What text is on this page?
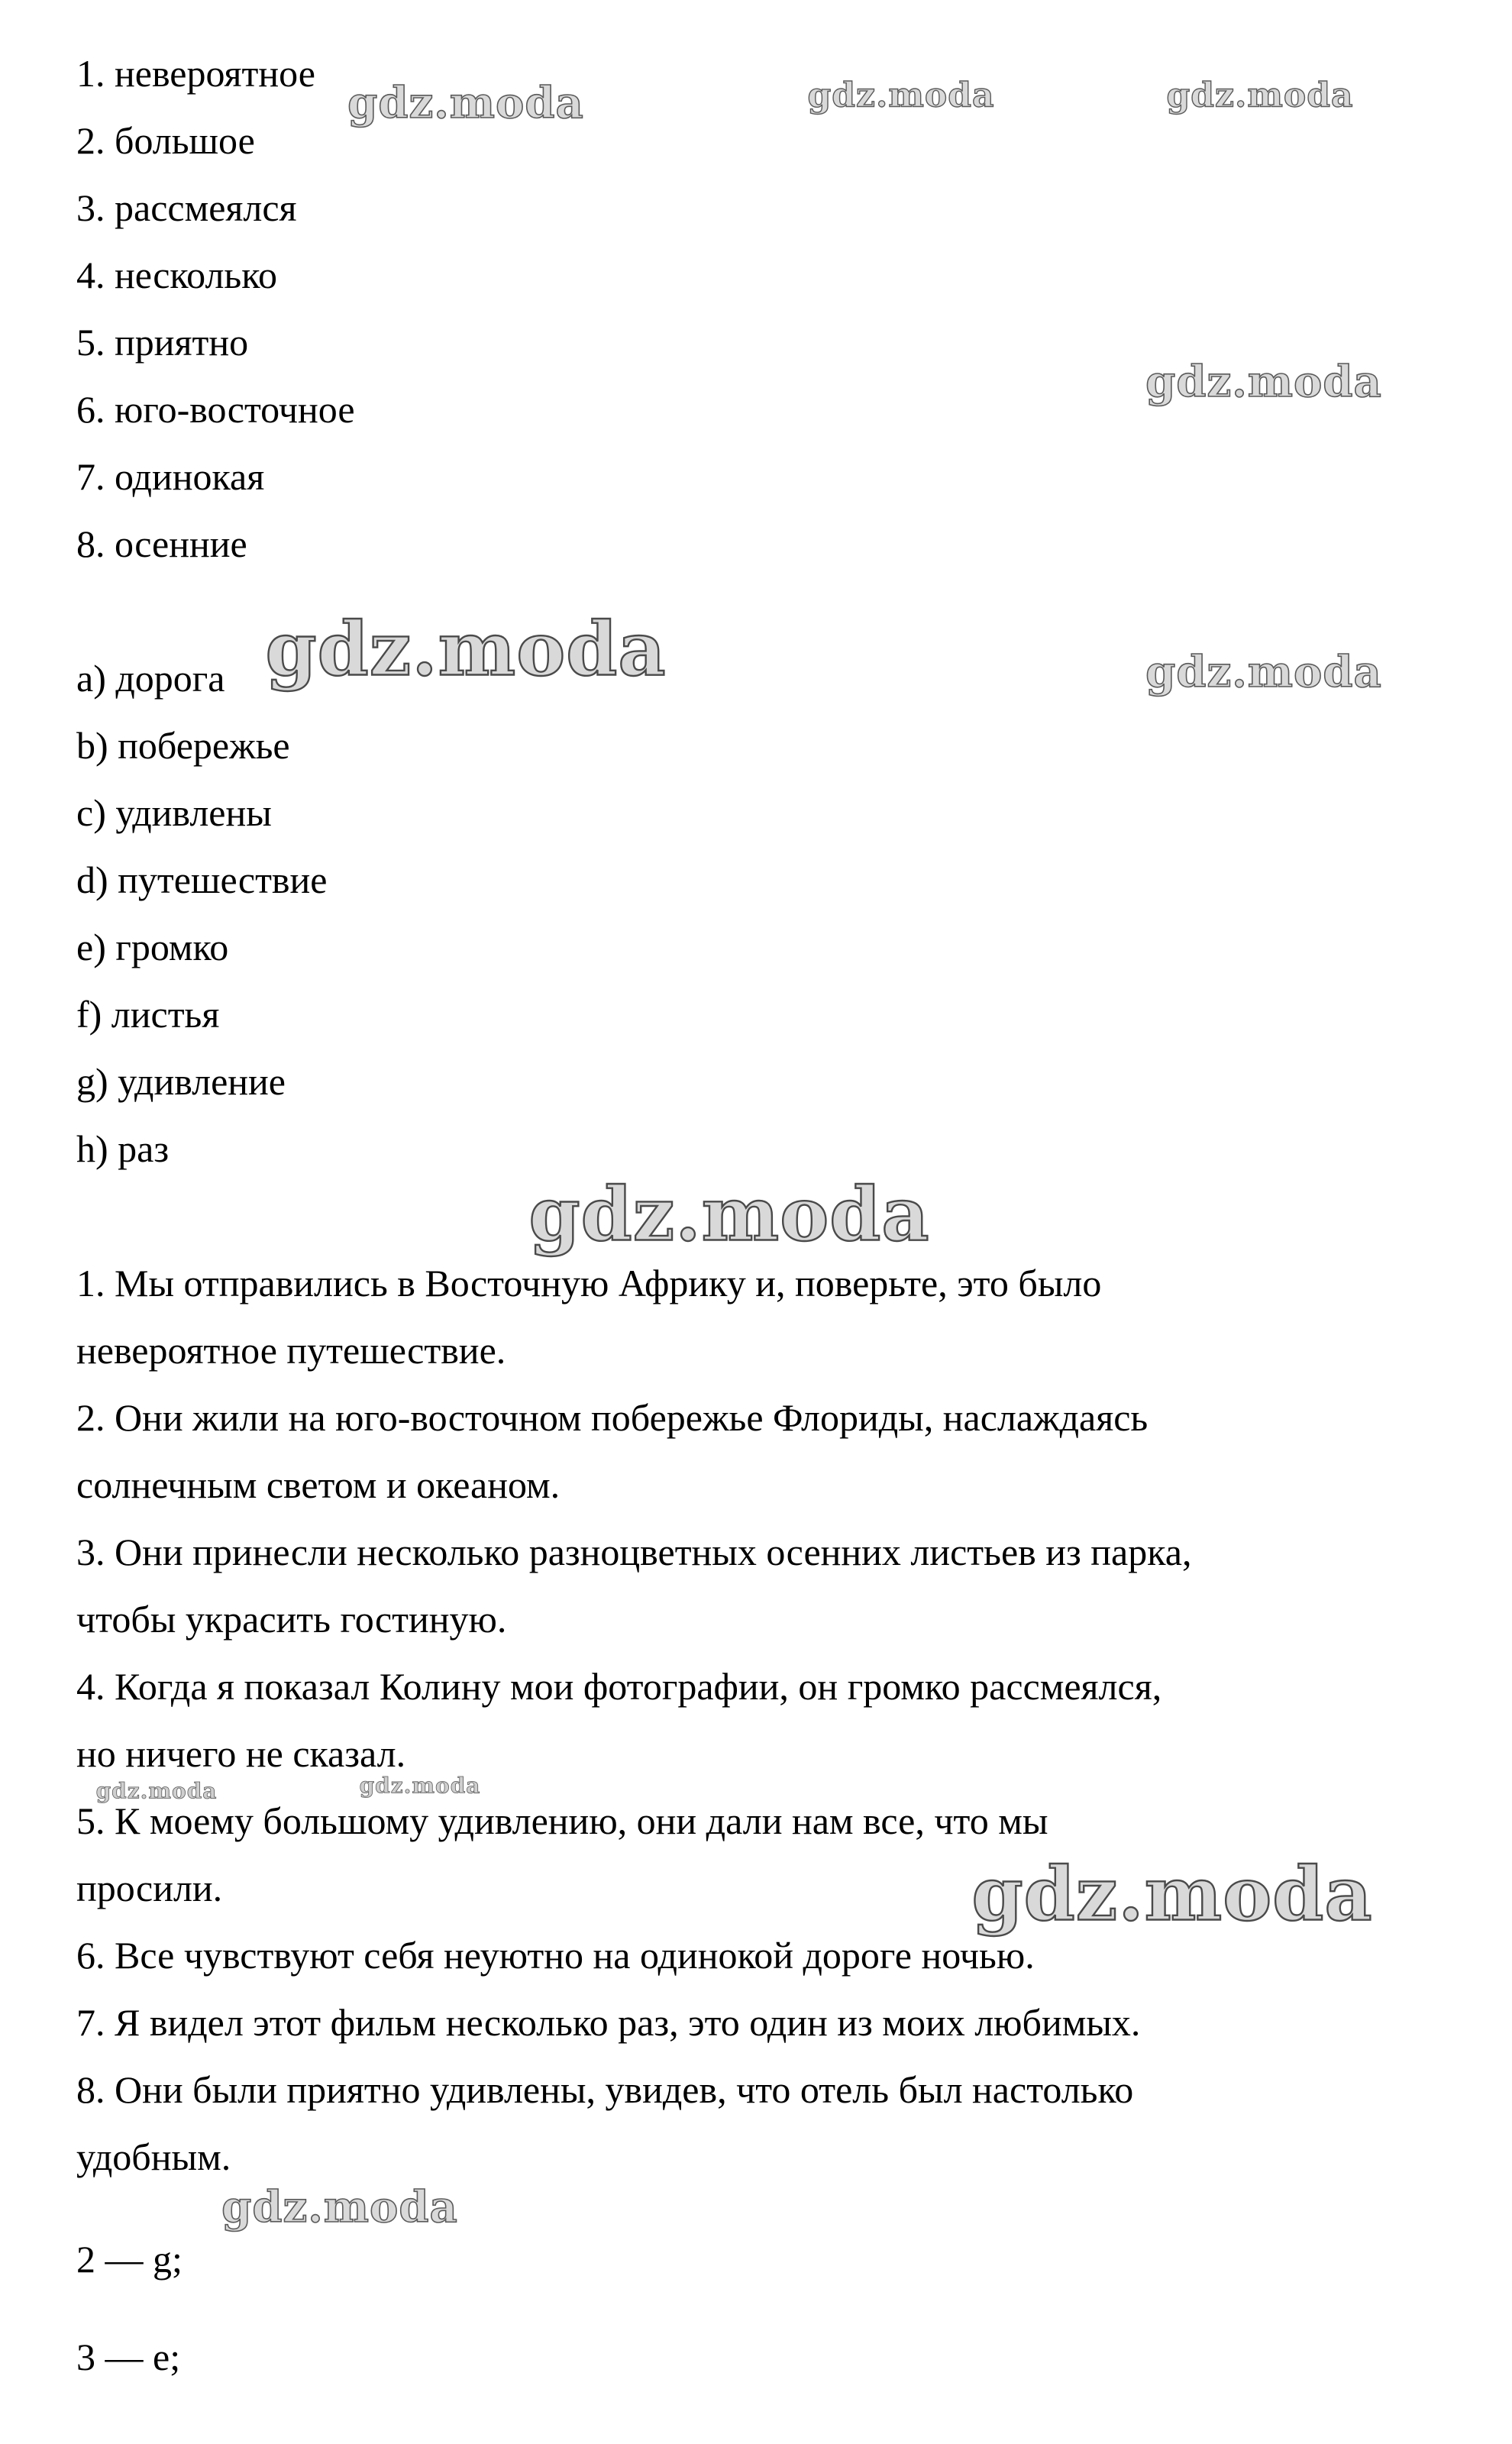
1. невероятное
2. большое
3. рассмеялся
4. несколько
5. приятно
6. юго-восточное
7. одинокая
8. осенние
a) дорога
b) побережье
c) удивлены
d) путешествие
e) громко
f) листья
g) удивление
h) раз
1. Мы отправились в Восточную Африку и, поверьте, это было
невероятное путешествие.
2. Они жили на юго-восточном побережье Флориды, наслаждаясь
солнечным светом и океаном.
3. Они принесли несколько разноцветных осенних листьев из парка,
чтобы украсить гостиную.
4. Когда я показал Колину мои фотографии, он громко рассмеялся,
но ничего не сказал.
5. К моему большому удивлению, они дали нам все, что мы
просили.
6. Все чувствуют себя неуютно на одинокой дороге ночью.
7. Я видел этот фильм несколько раз, это один из моих любимых.
8. Они были приятно удивлены, увидев, что отель был настолько
удобным.
2 — g;
3 — e;
gdz.moda	gdz.moda	gdz.moda
gdz.moda
gdz.moda	gdz.moda
gdz.moda
gdz.moda	gdz.moda
gdz.moda
gdz.moda
